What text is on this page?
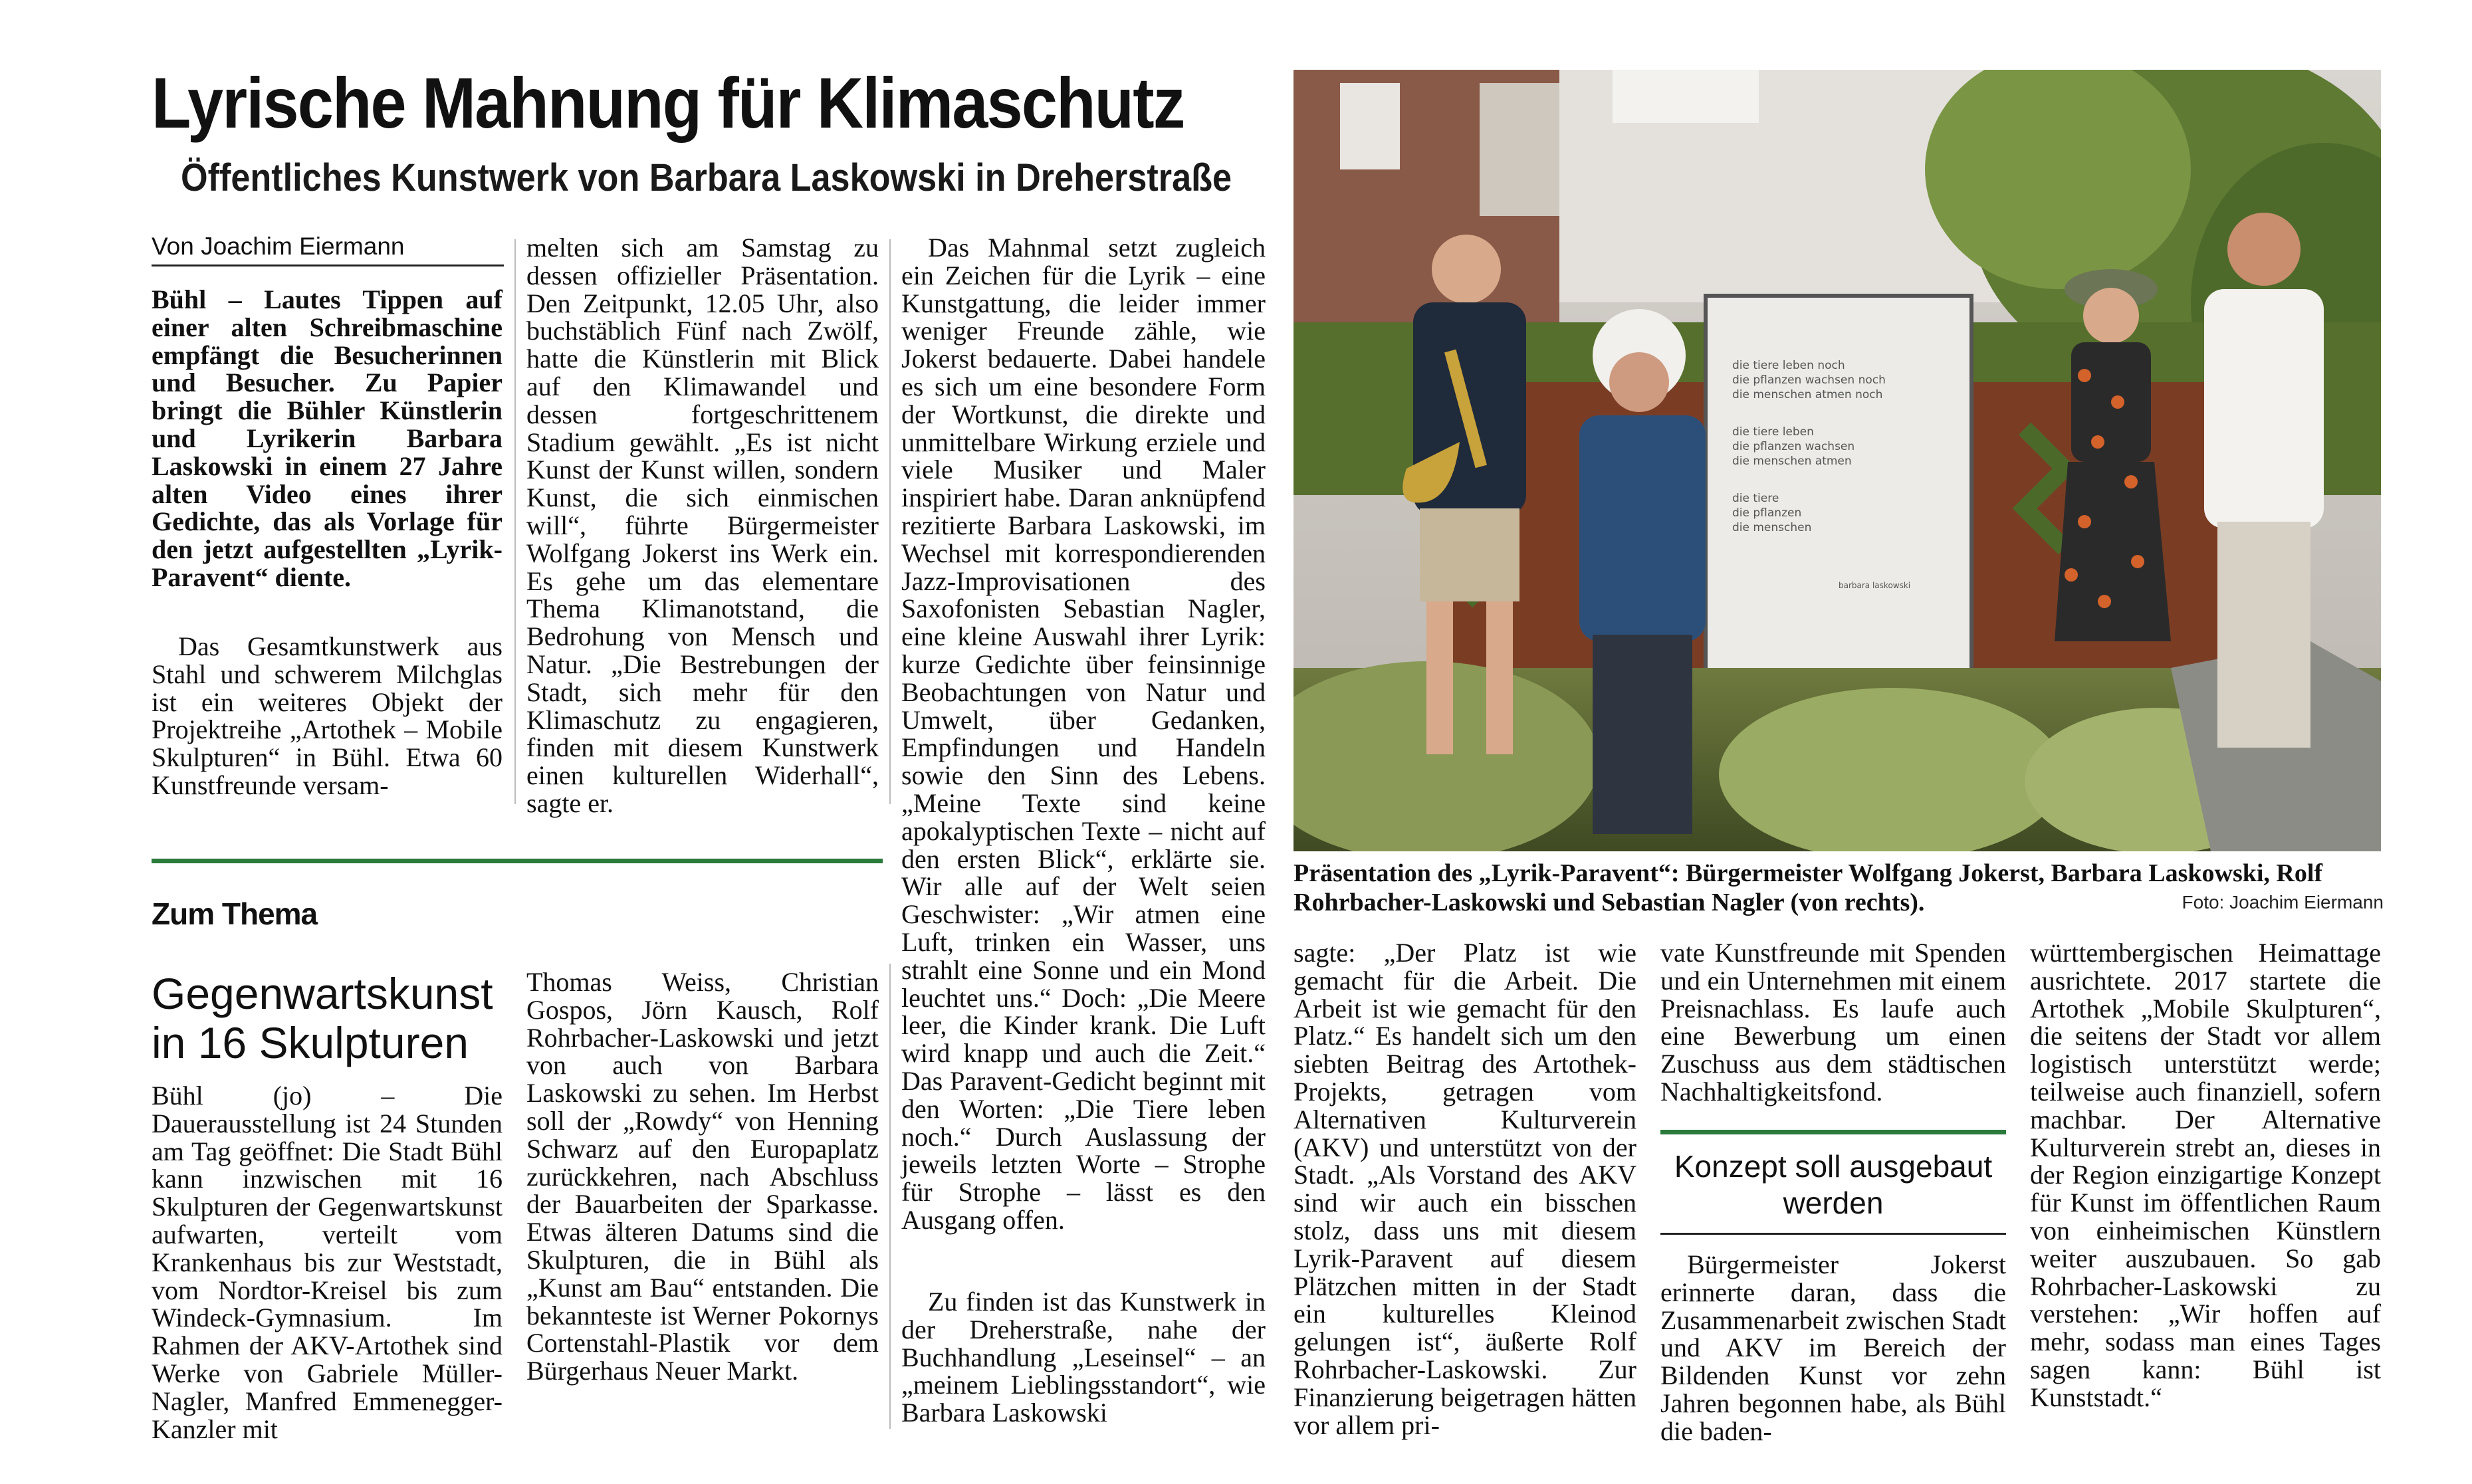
Lyrische Mahnung für Klimaschutz
Öffentliches Kunstwerk von Barbara Laskowski in Dreherstraße
Von Joachim Eiermann
Bühl – Lautes Tippen auf einer alten Schreibmaschine empfängt die Besucherinnen und Besucher. Zu Papier bringt die Bühler Künstlerin und Lyrikerin Barbara Laskowski in einem 27 Jahre alten Video eines ihrer Gedichte, das als Vorlage für den jetzt aufgestellten „Lyrik-Paravent“ diente.
Das Gesamtkunstwerk aus Stahl und schwerem Milchglas ist ein weiteres Objekt der Projektreihe „Artothek – Mobile Skulpturen“ in Bühl. Etwa 60 Kunstfreunde versam-
melten sich am Samstag zu dessen offizieller Präsentation. Den Zeitpunkt, 12.05 Uhr, also buchstäblich Fünf nach Zwölf, hatte die Künstlerin mit Blick auf den Klimawandel und dessen fortgeschrittenem Stadium gewählt. „Es ist nicht Kunst der Kunst willen, sondern Kunst, die sich einmischen will“, führte Bürgermeister Wolfgang Jokerst ins Werk ein. Es gehe um das elementare Thema Klimanotstand, die Bedrohung von Mensch und Natur. „Die Bestrebungen der Stadt, sich mehr für den Klimaschutz zu engagieren, finden mit diesem Kunstwerk einen kulturellen Widerhall“, sagte er.
Das Mahnmal setzt zugleich ein Zeichen für die Lyrik – eine Kunstgattung, die leider immer weniger Freunde zähle, wie Jokerst bedauerte. Dabei handele es sich um eine besondere Form der Wortkunst, die direkte und unmittelbare Wirkung erziele und viele Musiker und Maler inspiriert habe. Daran anknüpfend rezitierte Barbara Laskowski, im Wechsel mit korrespondierenden Jazz-Improvisationen des Saxofonisten Sebastian Nagler, eine kleine Auswahl ihrer Lyrik: kurze Gedichte über feinsinnige Beobachtungen von Natur und Umwelt, über Gedanken, Empfindungen und Handeln sowie den Sinn des Lebens. „Meine Texte sind keine apokalyptischen Texte – nicht auf den ersten Blick“, erklärte sie. Wir alle auf der Welt seien Geschwister: „Wir atmen eine Luft, trinken ein Wasser, uns strahlt eine Sonne und ein Mond leuchtet uns.“ Doch: „Die Meere leer, die Kinder krank. Die Luft wird knapp und auch die Zeit.“ Das Paravent-Gedicht beginnt mit den Worten: „Die Tiere leben noch.“ Durch Auslassung der jeweils letzten Worte – Strophe für Strophe – lässt es den Ausgang offen.
Zu finden ist das Kunstwerk in der Dreherstraße, nahe der Buchhandlung „Leseinsel“ – an „meinem Lieblingsstandort“, wie Barbara Laskowski
die tiere leben noch
die pflanzen wachsen noch
die menschen atmen noch
die tiere leben
die pflanzen wachsen
die menschen atmen
die tiere
die pflanzen
die menschen
barbara laskowski
Präsentation des „Lyrik-Paravent“: Bürgermeister Wolfgang Jokerst, Barbara Laskowski, Rolf Rohrbacher-Laskowski und Sebastian Nagler (von rechts).	Foto: Joachim Eiermann
Zum Thema
Gegenwartskunst in 16 Skulpturen
Bühl (jo) – Die Dauerausstellung ist 24 Stunden am Tag geöffnet: Die Stadt Bühl kann inzwischen mit 16 Skulpturen der Gegenwartskunst aufwarten, verteilt vom Krankenhaus bis zur Weststadt, vom Nordtor-Kreisel bis zum Windeck-Gymnasium. Im Rahmen der AKV-Artothek sind Werke von Gabriele Müller-Nagler, Manfred Emmenegger-Kanzler mit
Thomas Weiss, Christian Gospos, Jörn Kausch, Rolf Rohrbacher-Laskowski und jetzt von auch von Barbara Laskowski zu sehen. Im Herbst soll der „Rowdy“ von Henning Schwarz auf den Europaplatz zurückkehren, nach Abschluss der Bauarbeiten der Sparkasse. Etwas älteren Datums sind die Skulpturen, die in Bühl als „Kunst am Bau“ entstanden. Die bekannteste ist Werner Pokornys Cortenstahl-Plastik vor dem Bürgerhaus Neuer Markt.
sagte: „Der Platz ist wie gemacht für die Arbeit. Die Arbeit ist wie gemacht für den Platz.“ Es handelt sich um den siebten Beitrag des Artothek-Projekts, getragen vom Alternativen Kulturverein (AKV) und unterstützt von der Stadt. „Als Vorstand des AKV sind wir auch ein bisschen stolz, dass uns mit diesem Lyrik-Paravent auf diesem Plätzchen mitten in der Stadt ein kulturelles Kleinod gelungen ist“, äußerte Rolf Rohrbacher-Laskowski. Zur Finanzierung beigetragen hätten vor allem pri-
vate Kunstfreunde mit Spenden und ein Unternehmen mit einem Preisnachlass. Es laufe auch eine Bewerbung um einen Zuschuss aus dem städtischen Nachhaltigkeitsfond.
Konzept soll ausgebaut werden
Bürgermeister Jokerst erinnerte daran, dass die Zusammenarbeit zwischen Stadt und AKV im Bereich der Bildenden Kunst vor zehn Jahren begonnen habe, als Bühl die baden-
württembergischen Heimattage ausrichtete. 2017 startete die Artothek „Mobile Skulpturen“, die seitens der Stadt vor allem logistisch unterstützt werde; teilweise auch finanziell, sofern machbar. Der Alternative Kulturverein strebt an, dieses in der Region einzigartige Konzept für Kunst im öffentlichen Raum von einheimischen Künstlern weiter auszubauen. So gab Rohrbacher-Laskowski zu verstehen: „Wir hoffen auf mehr, sodass man eines Tages sagen kann: Bühl ist Kunststadt.“
